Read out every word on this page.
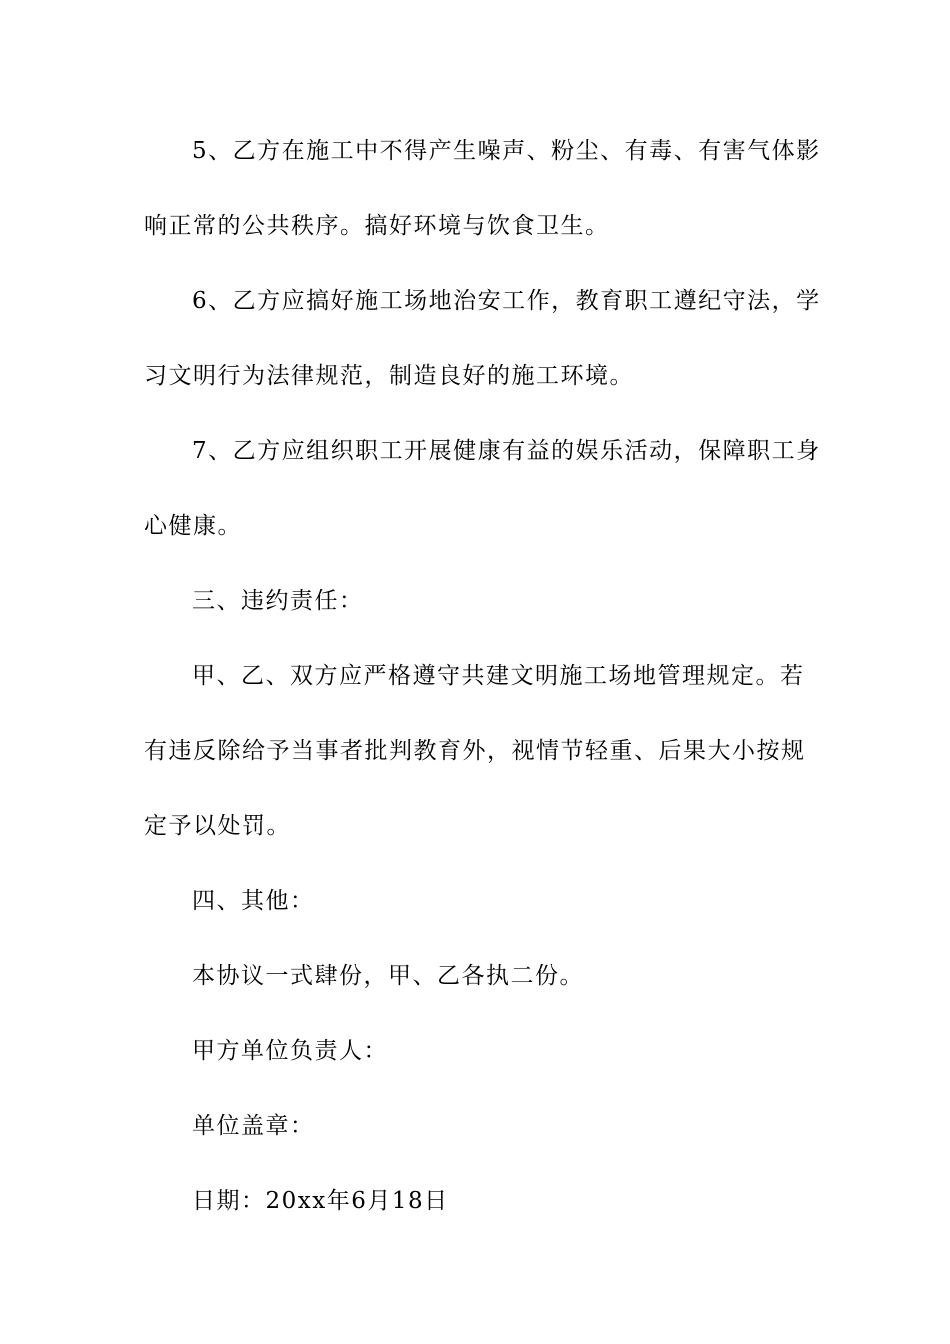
5、乙方在施工中不得产生噪声、粉尘、有毒、有害气体影
响正常的公共秩序。搞好环境与饮食卫生。

6、乙方应搞好施工场地治安工作，教育职工遵纪守法，学
习文明行为法律规范，制造良好的施工环境。

7、乙方应组织职工开展健康有益的娱乐活动，保障职工身
心健康。

三、违约责任：

甲、乙、双方应严格遵守共建文明施工场地管理规定。若
有违反除给予当事者批判教育外，视情节轻重、后果大小按规
定予以处罚。

四、其他：

本协议一式肆份，甲、乙各执二份。

甲方单位负责人：

单位盖章：

日期：20xx年6月18日
